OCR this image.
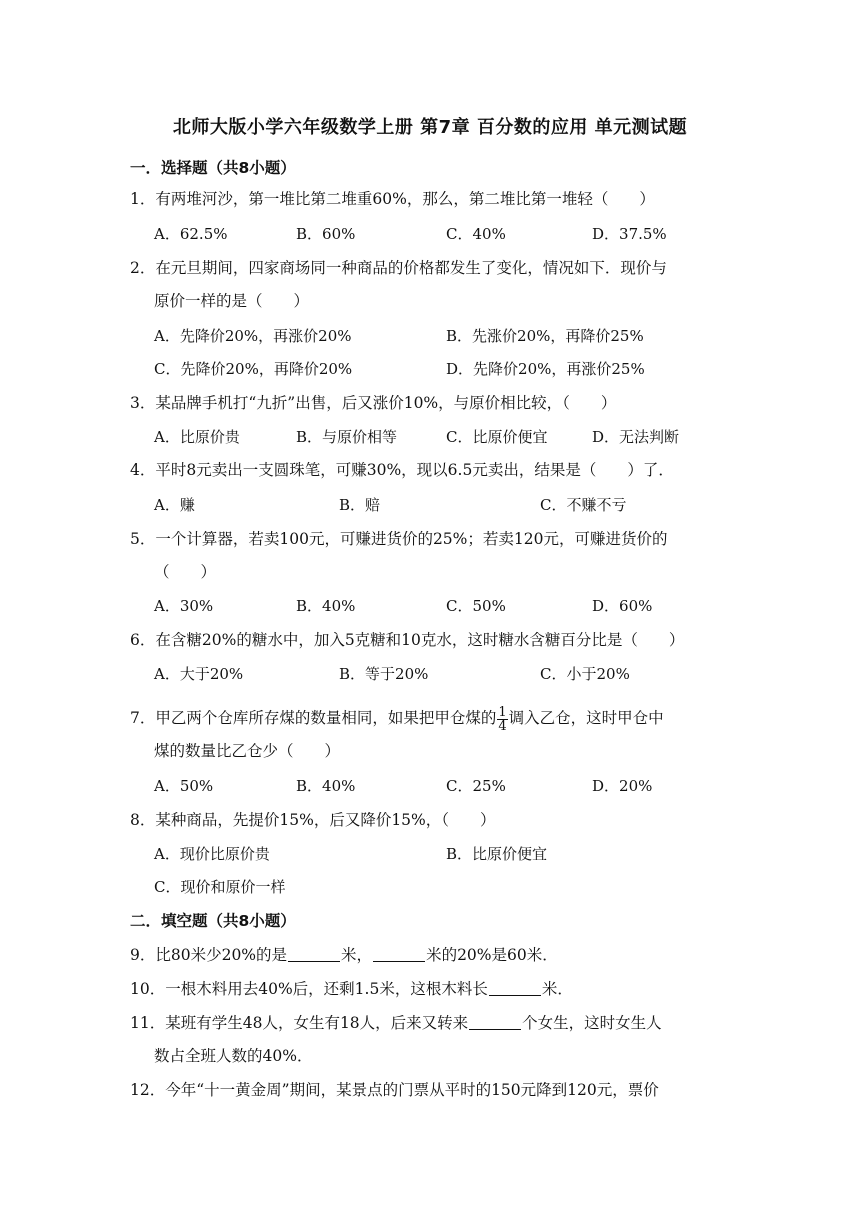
北师大版小学六年级数学上册 第7章 百分数的应用 单元测试题
一．选择题（共8小题）
1．有两堆河沙，第一堆比第二堆重60%，那么，第二堆比第一堆轻（　　）
A．62.5%	B．60%	C．40%	D．37.5%
2．在元旦期间，四家商场同一种商品的价格都发生了变化，情况如下．现价与
原价一样的是（　　）
A．先降价20%，再涨价20%	B．先涨价20%，再降价25%
C．先降价20%，再降价20%	D．先降价20%，再涨价25%
3．某品牌手机打“九折”出售，后又涨价10%，与原价相比较，（　　）
A．比原价贵	B．与原价相等	C．比原价便宜	D．无法判断
4．平时8元卖出一支圆珠笔，可赚30%，现以6.5元卖出，结果是（　　）了．
A．赚	B．赔	C．不赚不亏
5．一个计算器，若卖100元，可赚进货价的25%；若卖120元，可赚进货价的
（　　）
A．30%	B．40%	C．50%	D．60%
6．在含糖20%的糖水中，加入5克糖和10克水，这时糖水含糖百分比是（　　）
A．大于20%	B．等于20%	C．小于20%
7．甲乙两个仓库所存煤的数量相同，如果把甲仓煤的 $\frac{1}{4}$ 调入乙仓，这时甲仓中
煤的数量比乙仓少（　　）
A．50%	B．40%	C．25%	D．20%
8．某种商品，先提价15%，后又降价15%，（　　）
A．现价比原价贵	B．比原价便宜
C．现价和原价一样
二．填空题（共8小题）
9．比80米少20%的是	米，	米的20%是60米．
10．一根木料用去40%后，还剩1.5米，这根木料长	米．
11．某班有学生48人，女生有18人，后来又转来	个女生，这时女生人
数占全班人数的40%．
12．今年“十一黄金周”期间，某景点的门票从平时的150元降到120元，票价
